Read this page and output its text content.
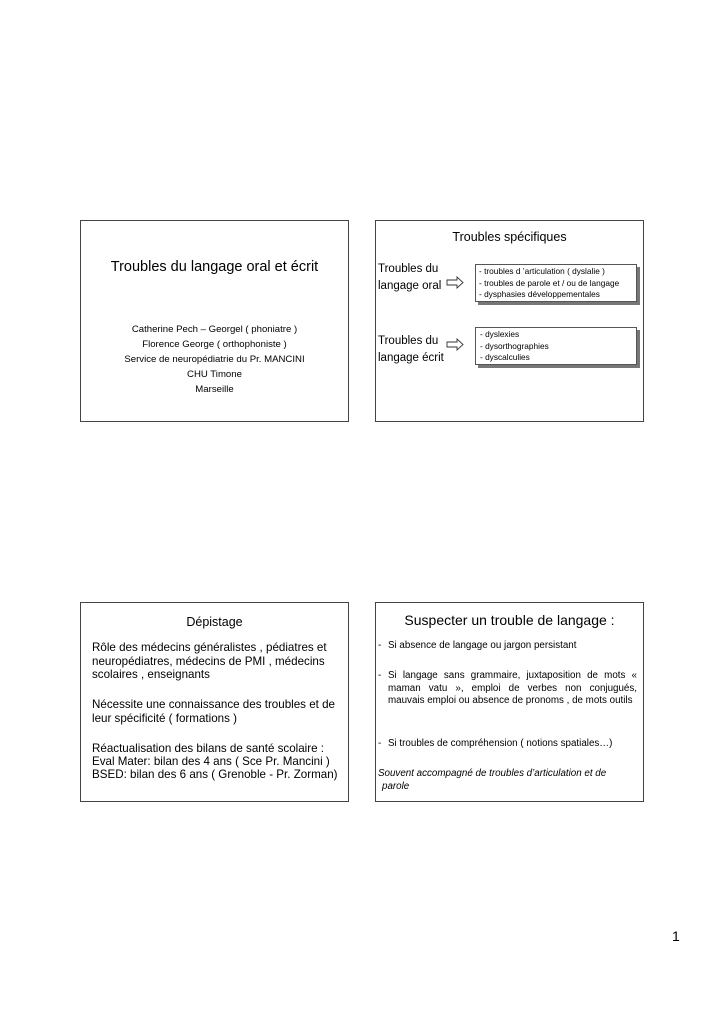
Troubles du langage oral et écrit
Catherine Pech – Georgel ( phoniatre )
Florence George ( orthophoniste )
Service de neuropédiatrie du Pr. MANCINI
CHU Timone
Marseille
Troubles spécifiques
Troubles du
langage oral
- troubles d ’articulation ( dyslalie )
- troubles de parole et / ou de langage
- dysphasies développementales
Troubles du
langage écrit
- dyslexies
- dysorthographies
- dyscalculies
Dépistage
Rôle des médecins généralistes , pédiatres et neuropédiatres, médecins de PMI , médecins scolaires , enseignants
Nécessite une connaissance des troubles et de leur spécificité ( formations )
Réactualisation des bilans de santé scolaire :
Eval Mater: bilan des 4 ans ( Sce Pr. Mancini )
BSED: bilan des 6 ans ( Grenoble - Pr. Zorman)
Suspecter un trouble de langage :
- Si absence de langage ou jargon persistant
- Si langage sans grammaire, juxtaposition de mots « maman vatu », emploi de verbes non conjugués, mauvais emploi ou absence de pronoms , de mots outils
- Si troubles de compréhension ( notions spatiales…)
Souvent accompagné de troubles d’articulation et de
parole
1
